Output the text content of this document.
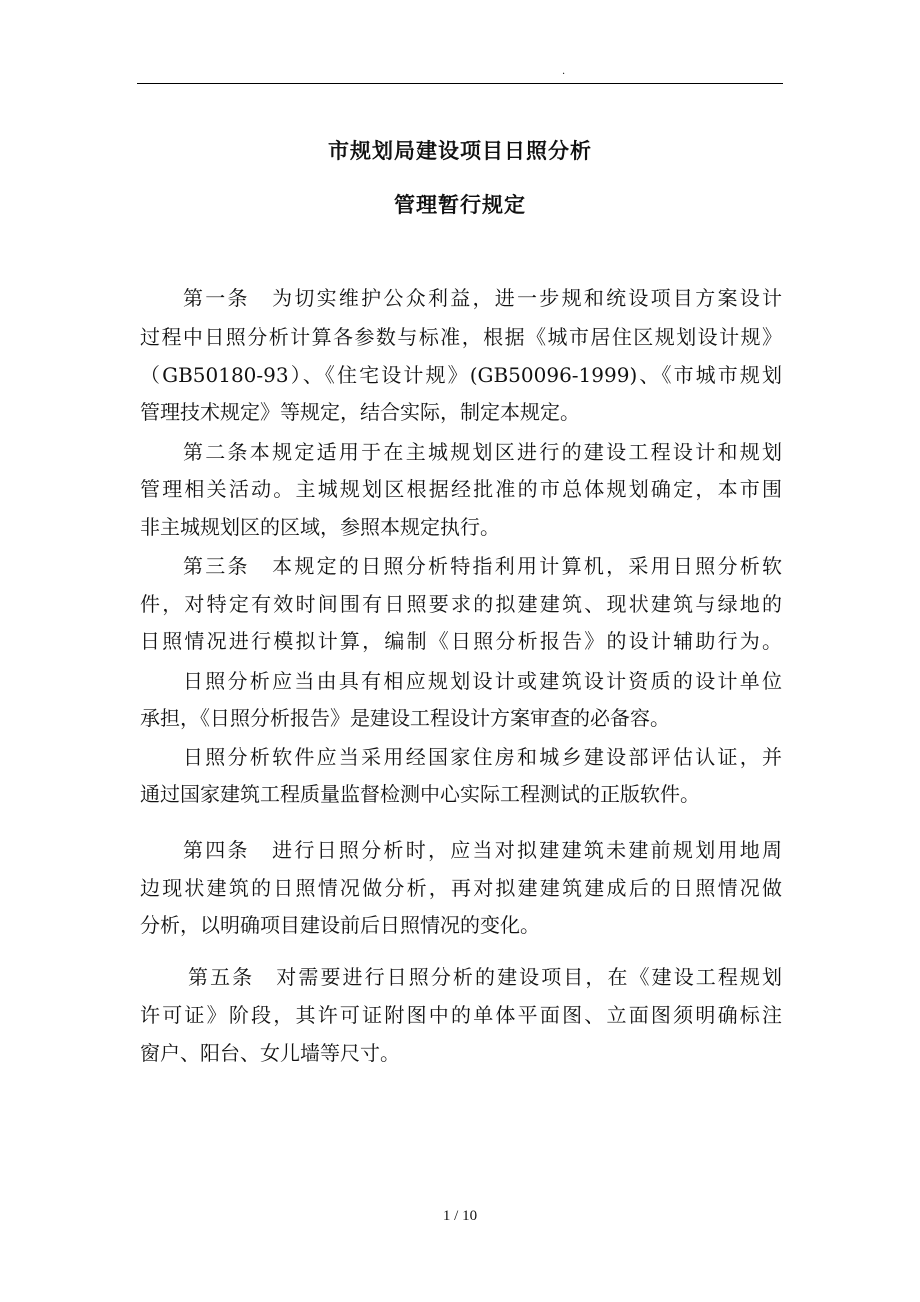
.
市规划局建设项目日照分析
管理暂行规定
第一条　为切实维护公众利益，进一步规和统设项目方案设计
过程中日照分析计算各参数与标准，根据《城市居住区规划设计规》
（GB50180-93）、《住宅设计规》(GB50096-1999)、《市城市规划
管理技术规定》等规定，结合实际，制定本规定。
第二条本规定适用于在主城规划区进行的建设工程设计和规划
管理相关活动。主城规划区根据经批准的市总体规划确定，本市围
非主城规划区的区域，参照本规定执行。
第三条　本规定的日照分析特指利用计算机，采用日照分析软
件，对特定有效时间围有日照要求的拟建建筑、现状建筑与绿地的
日照情况进行模拟计算，编制《日照分析报告》的设计辅助行为。
日照分析应当由具有相应规划设计或建筑设计资质的设计单位
承担，《日照分析报告》是建设工程设计方案审查的必备容。
日照分析软件应当采用经国家住房和城乡建设部评估认证，并
通过国家建筑工程质量监督检测中心实际工程测试的正版软件。
第四条　进行日照分析时，应当对拟建建筑未建前规划用地周
边现状建筑的日照情况做分析，再对拟建建筑建成后的日照情况做
分析，以明确项目建设前后日照情况的变化。
第五条　对需要进行日照分析的建设项目，在《建设工程规划
许可证》阶段，其许可证附图中的单体平面图、立面图须明确标注
窗户、阳台、女儿墙等尺寸。
1 / 10
